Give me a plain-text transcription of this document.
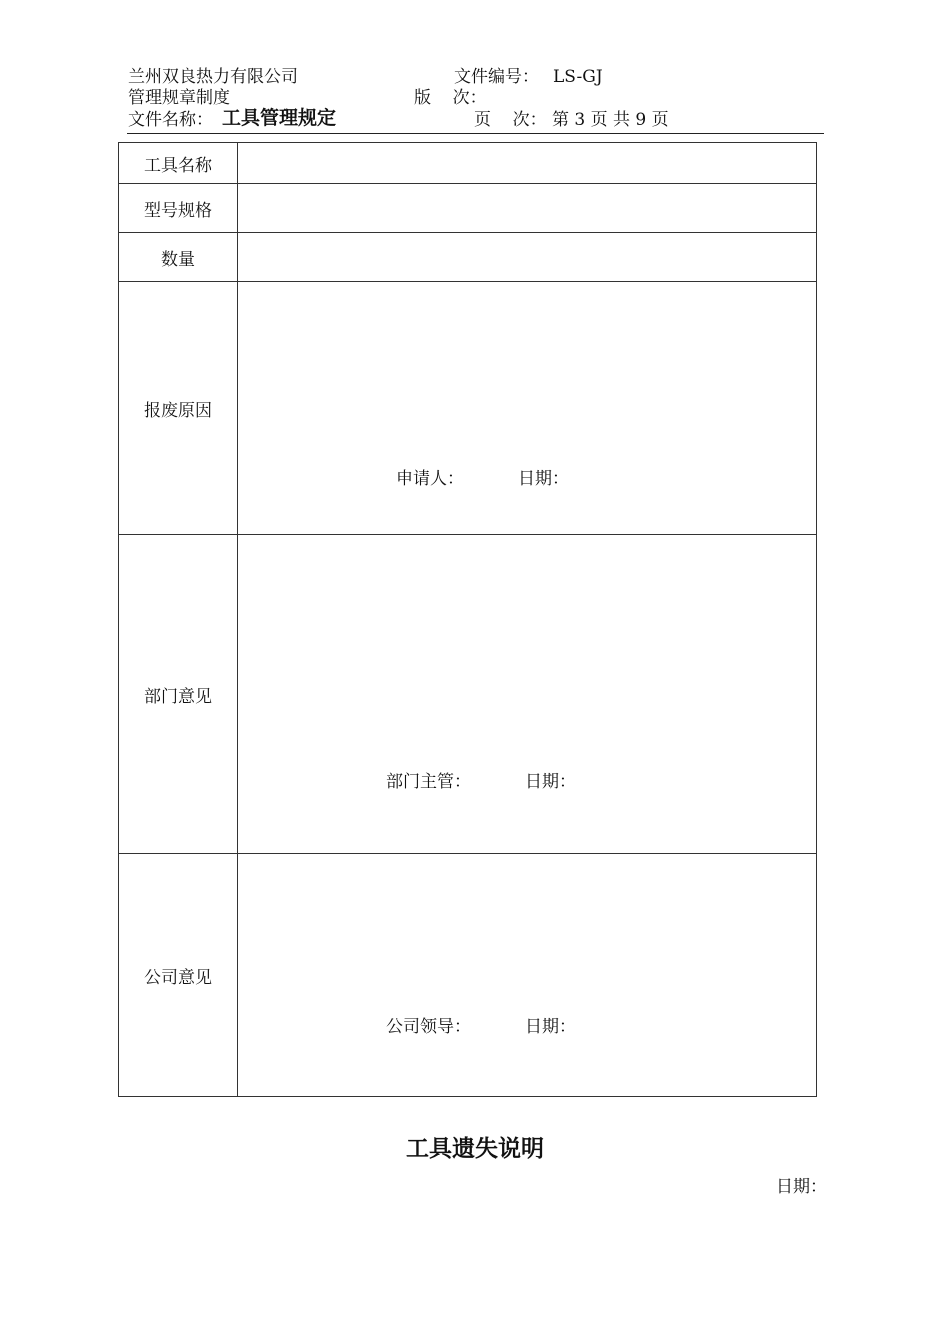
兰州双良热力有限公司	文件编号： LS-GJ
管理规章制度	版    次：
文件名称： 工具管理规定	页    次： 第 3 页 共 9 页
工具名称	
型号规格	
数量	
报废原因	申请人： 日期：

部门意见	部门主管： 日期：

公司意见	公司领导： 日期：
工具遗失说明
日期：
